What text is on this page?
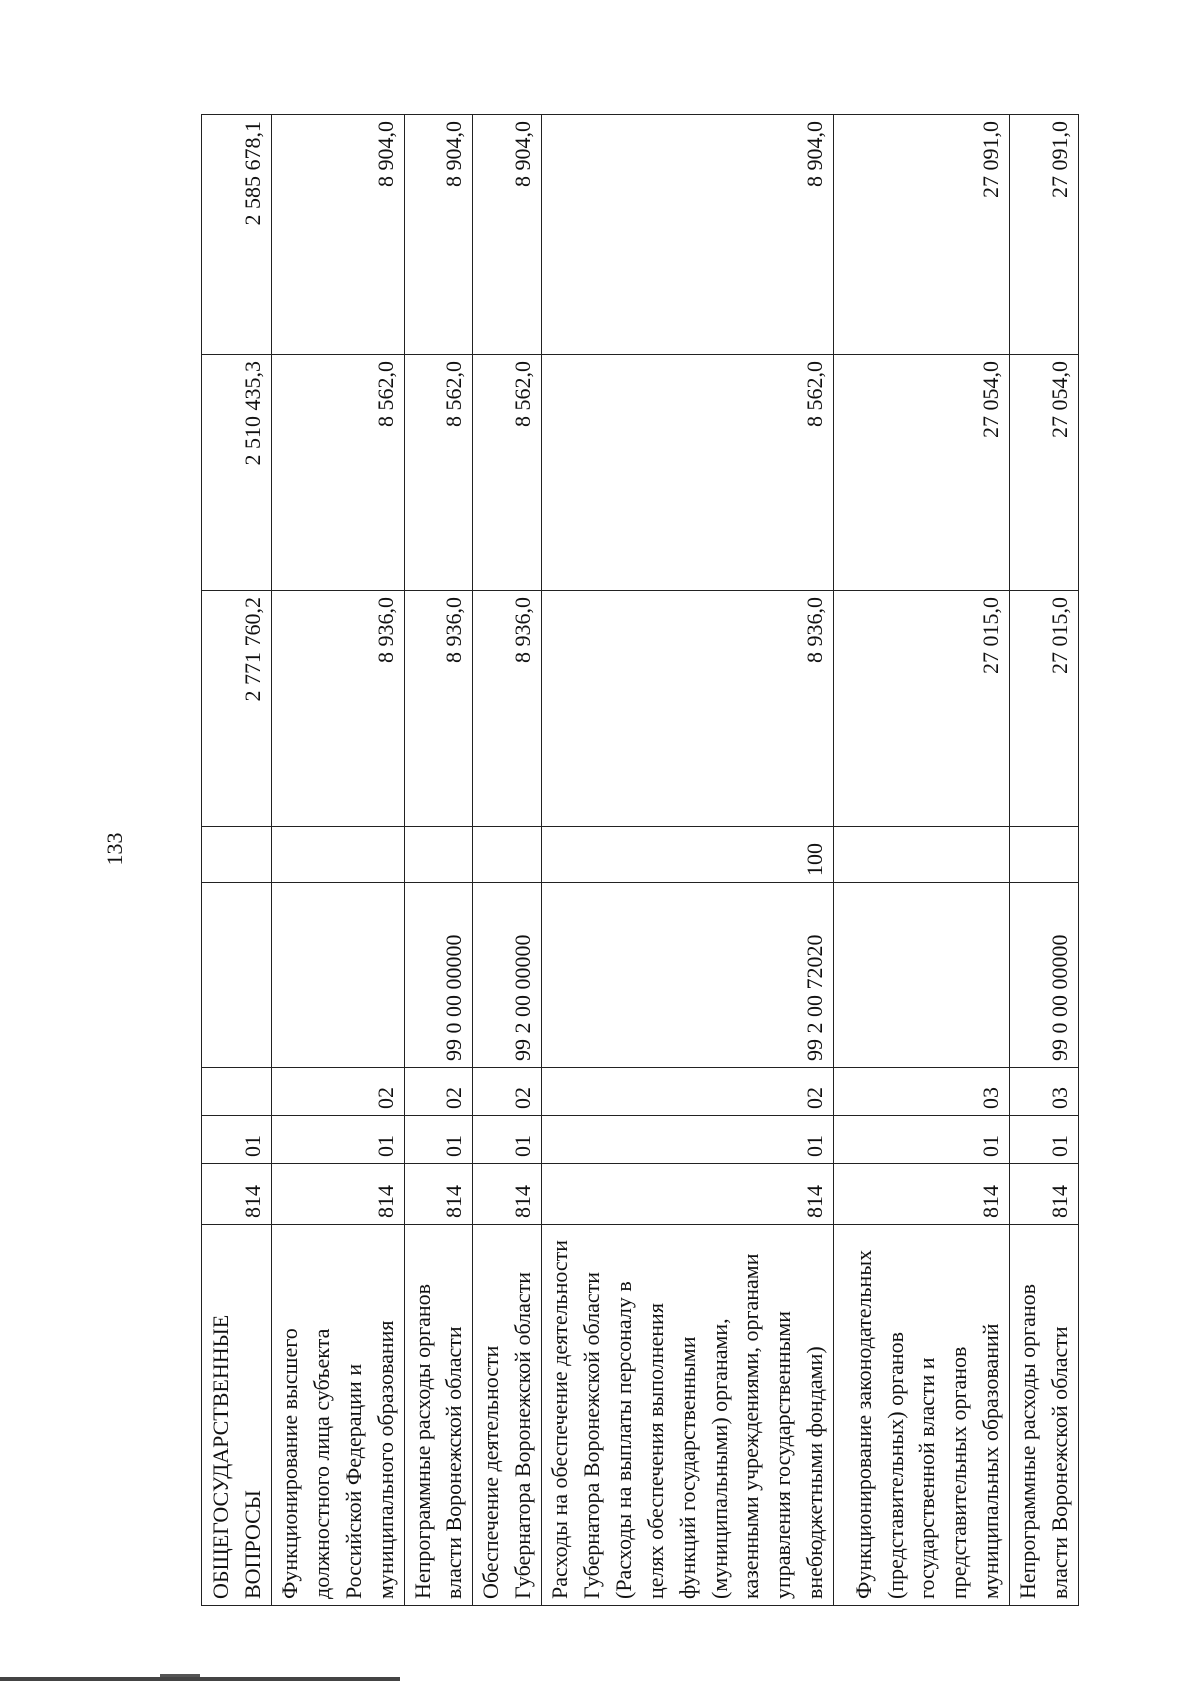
133
ОБЩЕГОСУДАРСТВЕННЫЕ ВОПРОСЫ	814	01				2 771 760,2	2 510 435,3	2 585 678,1
Функционирование высшего должностного лица субъекта Российской Федерации и муниципального образования	814	01	02			8 936,0	8 562,0	8 904,0
Непрограммные расходы органов власти Воронежской области	814	01	02	99 0 00 00000		8 936,0	8 562,0	8 904,0
Обеспечение деятельности Губернатора Воронежской области	814	01	02	99 2 00 00000		8 936,0	8 562,0	8 904,0
Расходы на обеспечение деятельности Губернатора Воронежской области (Расходы на выплаты персоналу в целях обеспечения выполнения функций государственными (муниципальными) органами, казенными учреждениями, органами управления государственными внебюджетными фондами)	814	01	02	99 2 00 72020	100	8 936,0	8 562,0	8 904,0
Функционирование законодательных (представительных) органов государственной власти и представительных органов муниципальных образований	814	01	03			27 015,0	27 054,0	27 091,0
Непрограммные расходы органов власти Воронежской области	814	01	03	99 0 00 00000		27 015,0	27 054,0	27 091,0
